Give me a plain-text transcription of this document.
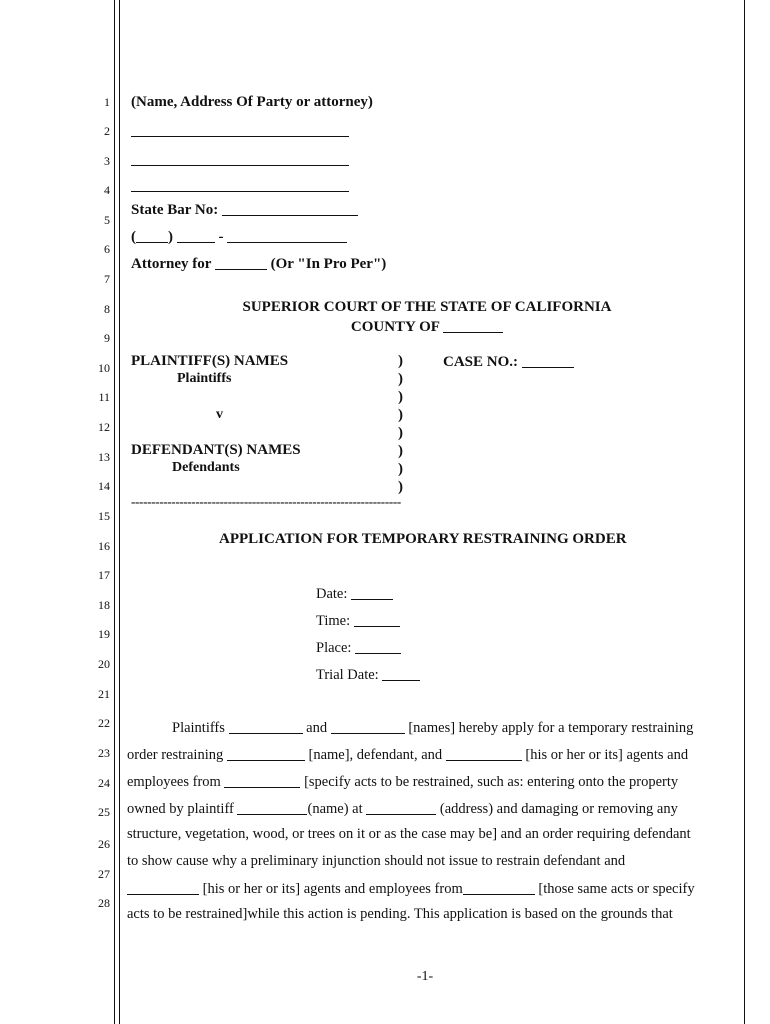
1
2
3
4
5
6
7
8
9
10
11
12
13
14
15
16
17
18
19
20
21
22
23
24
25
26
27
28
(Name, Address Of Party or attorney)
State Bar No:
( )	-
Attorney for	(Or "In Pro Per")
SUPERIOR COURT OF THE STATE OF CALIFORNIA
COUNTY OF
PLAINTIFF(S) NAMES
Plaintiffs
v
DEFENDANT(S) NAMES
Defendants
)
)
)
)
)
)
)
)
CASE NO.:
-------------------------------------------------------------------
APPLICATION FOR TEMPORARY RESTRAINING ORDER
Date:
Time:
Place:
Trial Date:
Plaintiffs	and	[names] hereby apply for a temporary restraining
order restraining	[name], defendant, and	[his or her or its] agents and
employees from	[specify acts to be restrained, such as: entering onto the property
owned by plaintiff	(name) at	(address) and damaging or removing any
structure, vegetation, wood, or trees on it or as the case may be] and an order requiring defendant
to show cause why a preliminary injunction should not issue to restrain defendant and
[his or her or its] agents and employees from	[those same acts or specify
acts to be restrained]while this action is pending. This application is based on the grounds that
-1-
